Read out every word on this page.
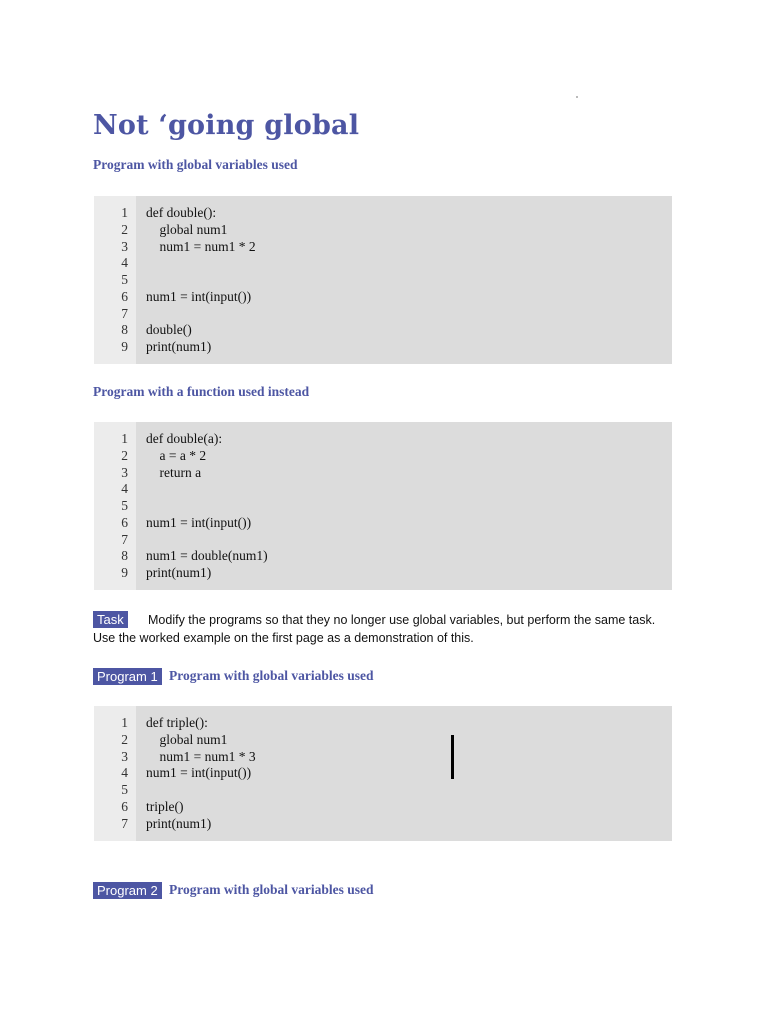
Not ‘going global
Program with global variables used
1 def double():
2 global num1
3 num1 = num1 * 2
4
5
6 num1 = int(input())
7
8 double()
9 print(num1)
Program with a function used instead
1 def double(a):
2 a = a * 2
3 return a
4
5
6 num1 = int(input())
7
8 num1 = double(num1)
9 print(num1)
Task	Modify the programs so that they no longer use global variables, but perform the same task.

Use the worked example on the first page as a demonstration of this.

Program 1 Program with global variables used
1 def triple():
2 global num1
3 num1 = num1 * 3
4 num1 = int(input())
5
6 triple()
7 print(num1)
Program 2 Program with global variables used
